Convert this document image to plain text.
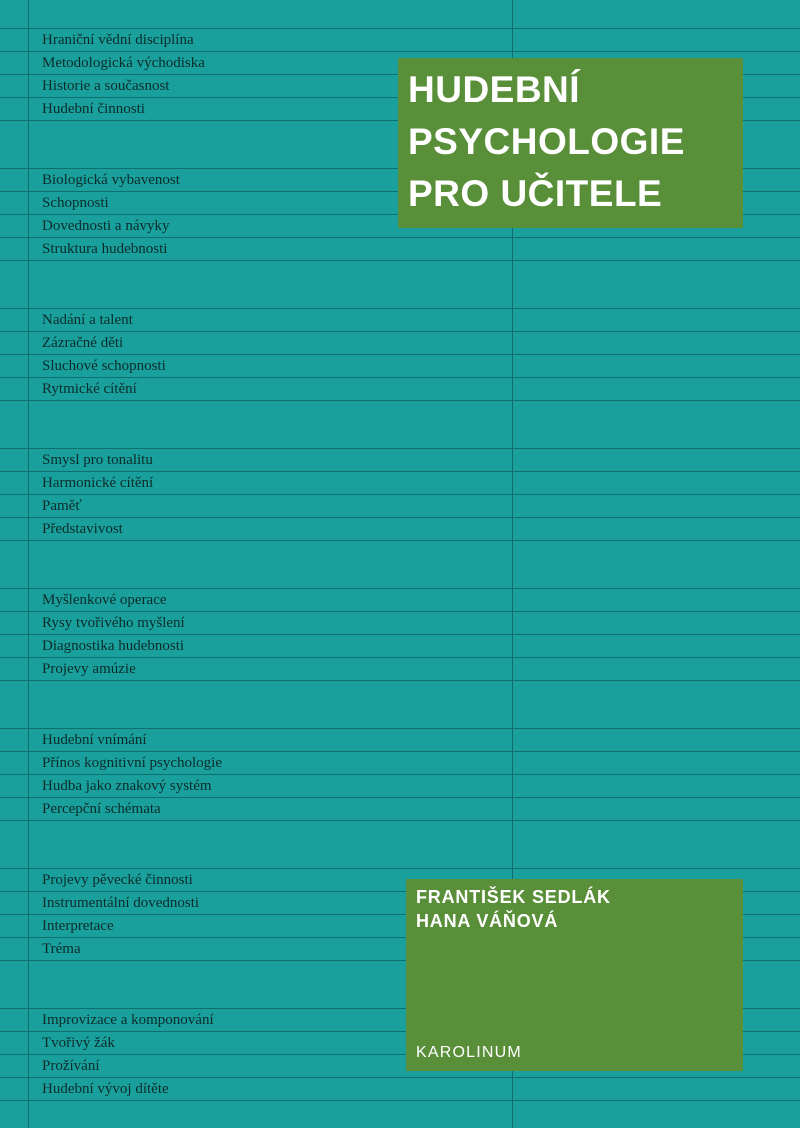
Hraniční vědní disciplína
Metodologická východiska
Historie a současnost
Hudební činnosti
Biologická vybavenost
Schopnosti
Dovednosti a návyky
Struktura hudebnosti
Nadání a talent
Zázračné děti
Sluchové schopnosti
Rytmické cítění
Smysl pro tonalitu
Harmonické cítění
Paměť
Představivost
Myšlenkové operace
Rysy tvořivého myšlení
Diagnostika hudebnosti
Projevy amúzie
Hudební vnímání
Přínos kognitivní psychologie
Hudba jako znakový systém
Percepční schémata
Projevy pěvecké činnosti
Instrumentální dovednosti
Interpretace
Tréma
Improvizace a komponování
Tvořivý žák
Prožívání
Hudební vývoj dítěte
HUDEBNÍ
PSYCHOLOGIE
PRO UČITELE
FRANTIŠEK SEDLÁK
HANA VÁŇOVÁ
KAROLINUM
